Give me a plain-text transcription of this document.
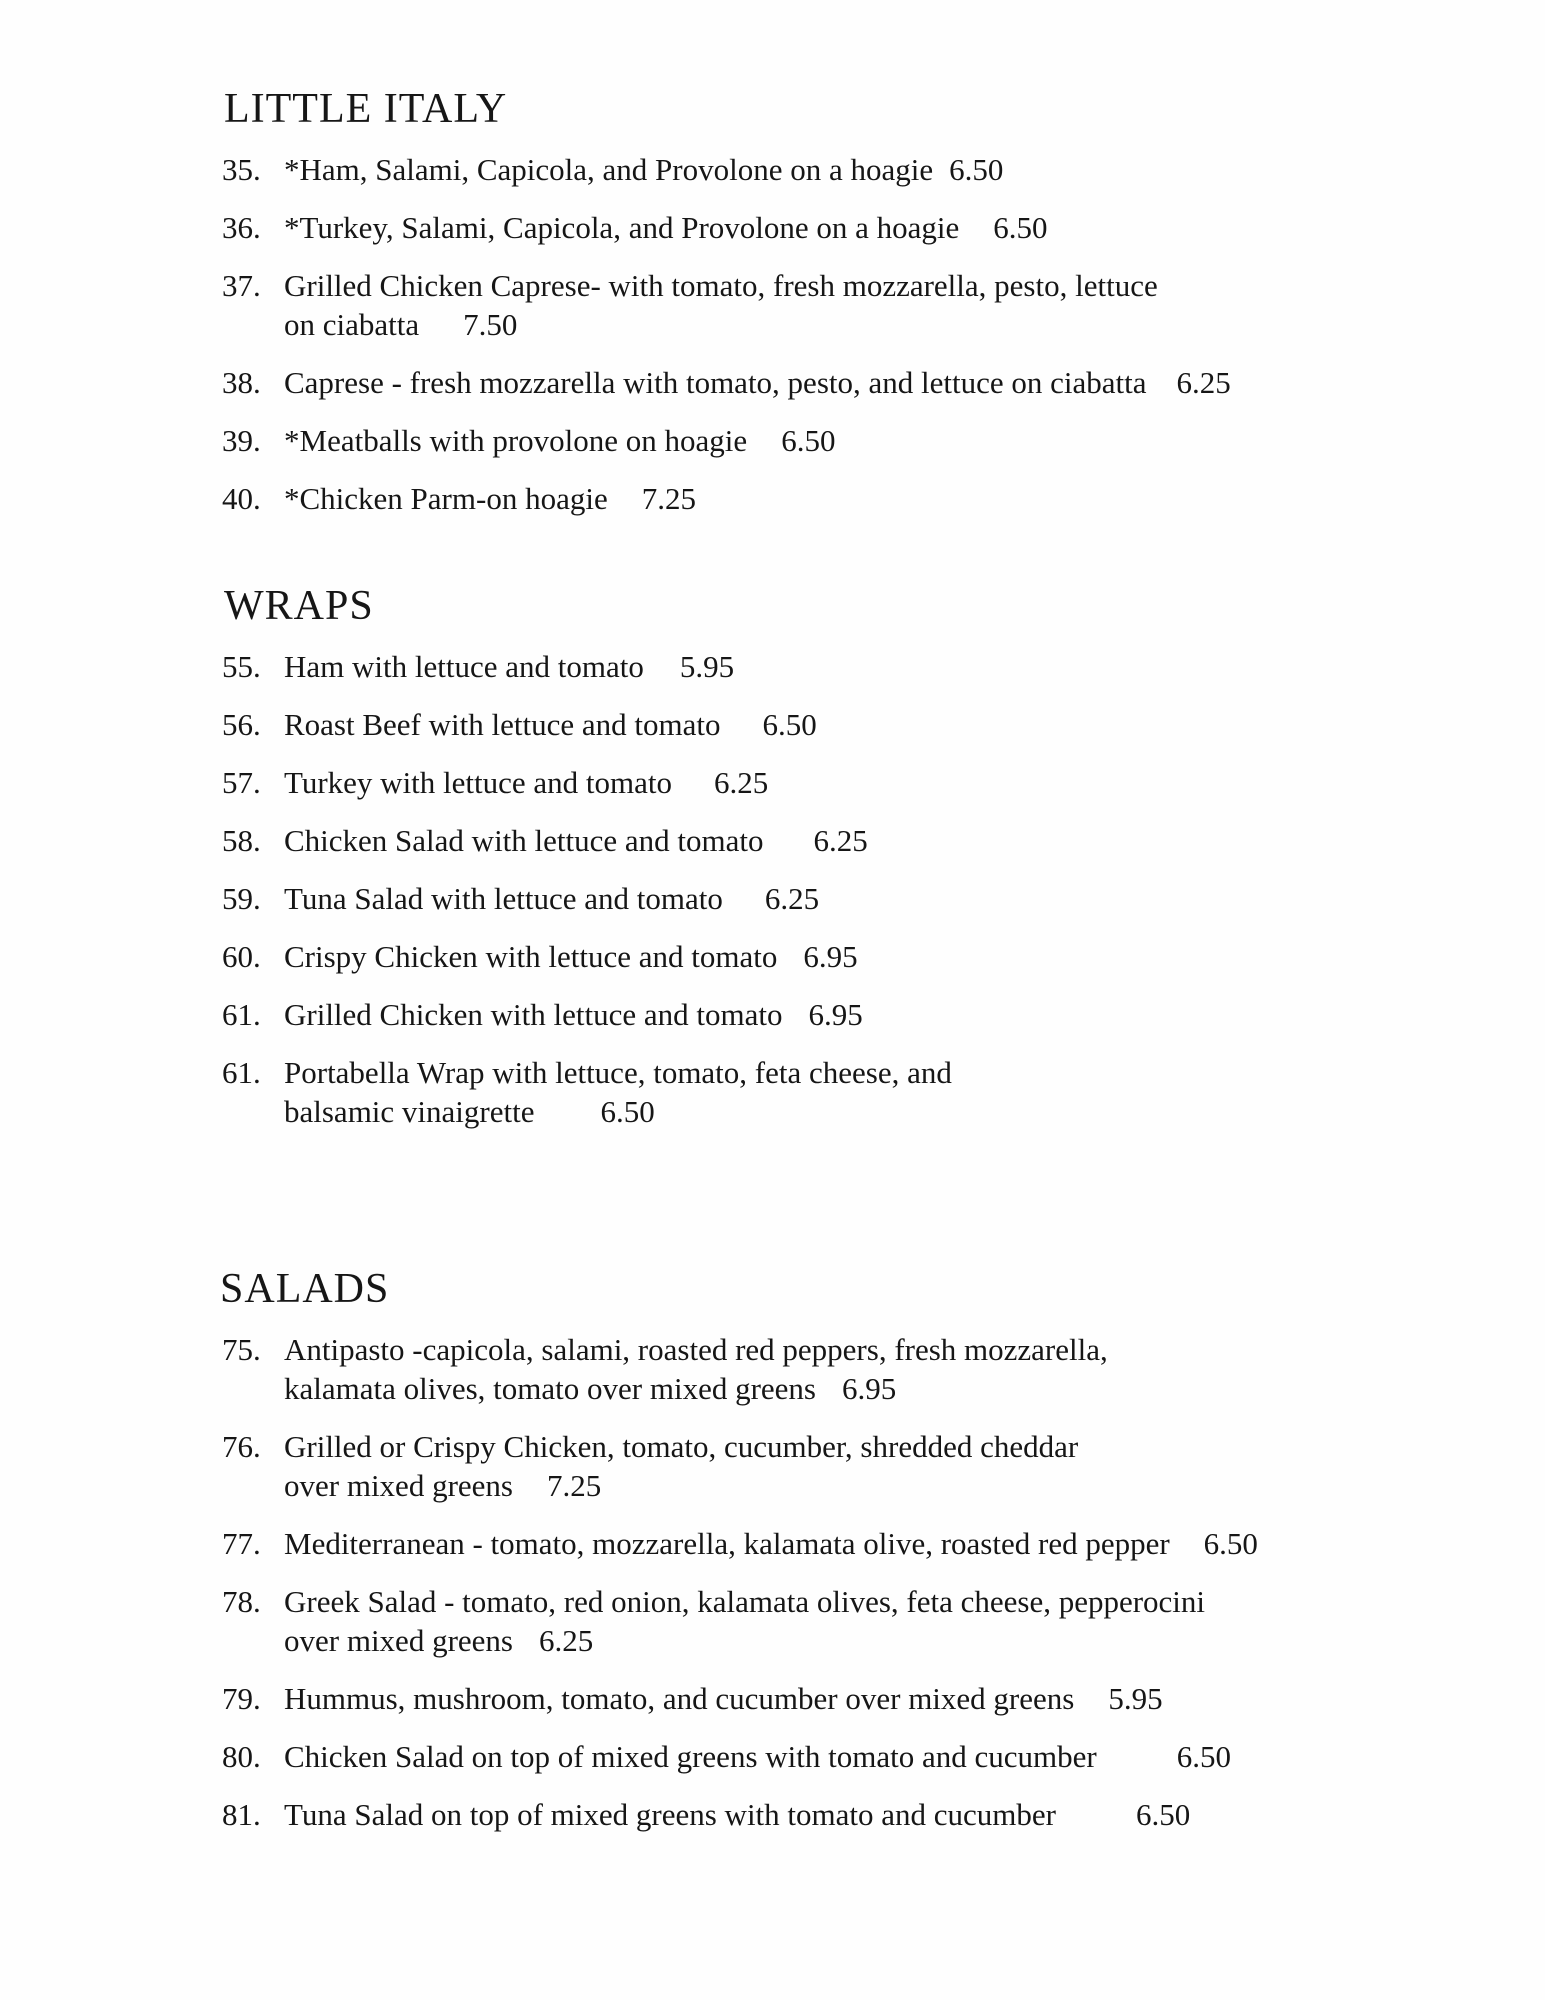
LITTLE ITALY
35. *Ham, Salami, Capicola, and Provolone on a hoagie 6.50
36. *Turkey, Salami, Capicola, and Provolone on a hoagie 6.50
37. Grilled Chicken Caprese- with tomato, fresh mozzarella, pesto, lettuce
on ciabatta 7.50
38. Caprese - fresh mozzarella with tomato, pesto, and lettuce on ciabatta 6.25
39. *Meatballs with provolone on hoagie 6.50
40. *Chicken Parm-on hoagie 7.25
WRAPS
55. Ham with lettuce and tomato 5.95
56. Roast Beef with lettuce and tomato 6.50
57. Turkey with lettuce and tomato 6.25
58. Chicken Salad with lettuce and tomato 6.25
59. Tuna Salad with lettuce and tomato 6.25
60. Crispy Chicken with lettuce and tomato 6.95
61. Grilled Chicken with lettuce and tomato 6.95
61. Portabella Wrap with lettuce, tomato, feta cheese, and
balsamic vinaigrette 6.50
SALADS
75. Antipasto -capicola, salami, roasted red peppers, fresh mozzarella,
kalamata olives, tomato over mixed greens 6.95
76. Grilled or Crispy Chicken, tomato, cucumber, shredded cheddar
over mixed greens 7.25
77. Mediterranean - tomato, mozzarella, kalamata olive, roasted red pepper 6.50
78. Greek Salad - tomato, red onion, kalamata olives, feta cheese, pepperocini
over mixed greens 6.25
79. Hummus, mushroom, tomato, and cucumber over mixed greens 5.95
80. Chicken Salad on top of mixed greens with tomato and cucumber	6.50
81. Tuna Salad on top of mixed greens with tomato and cucumber	6.50
